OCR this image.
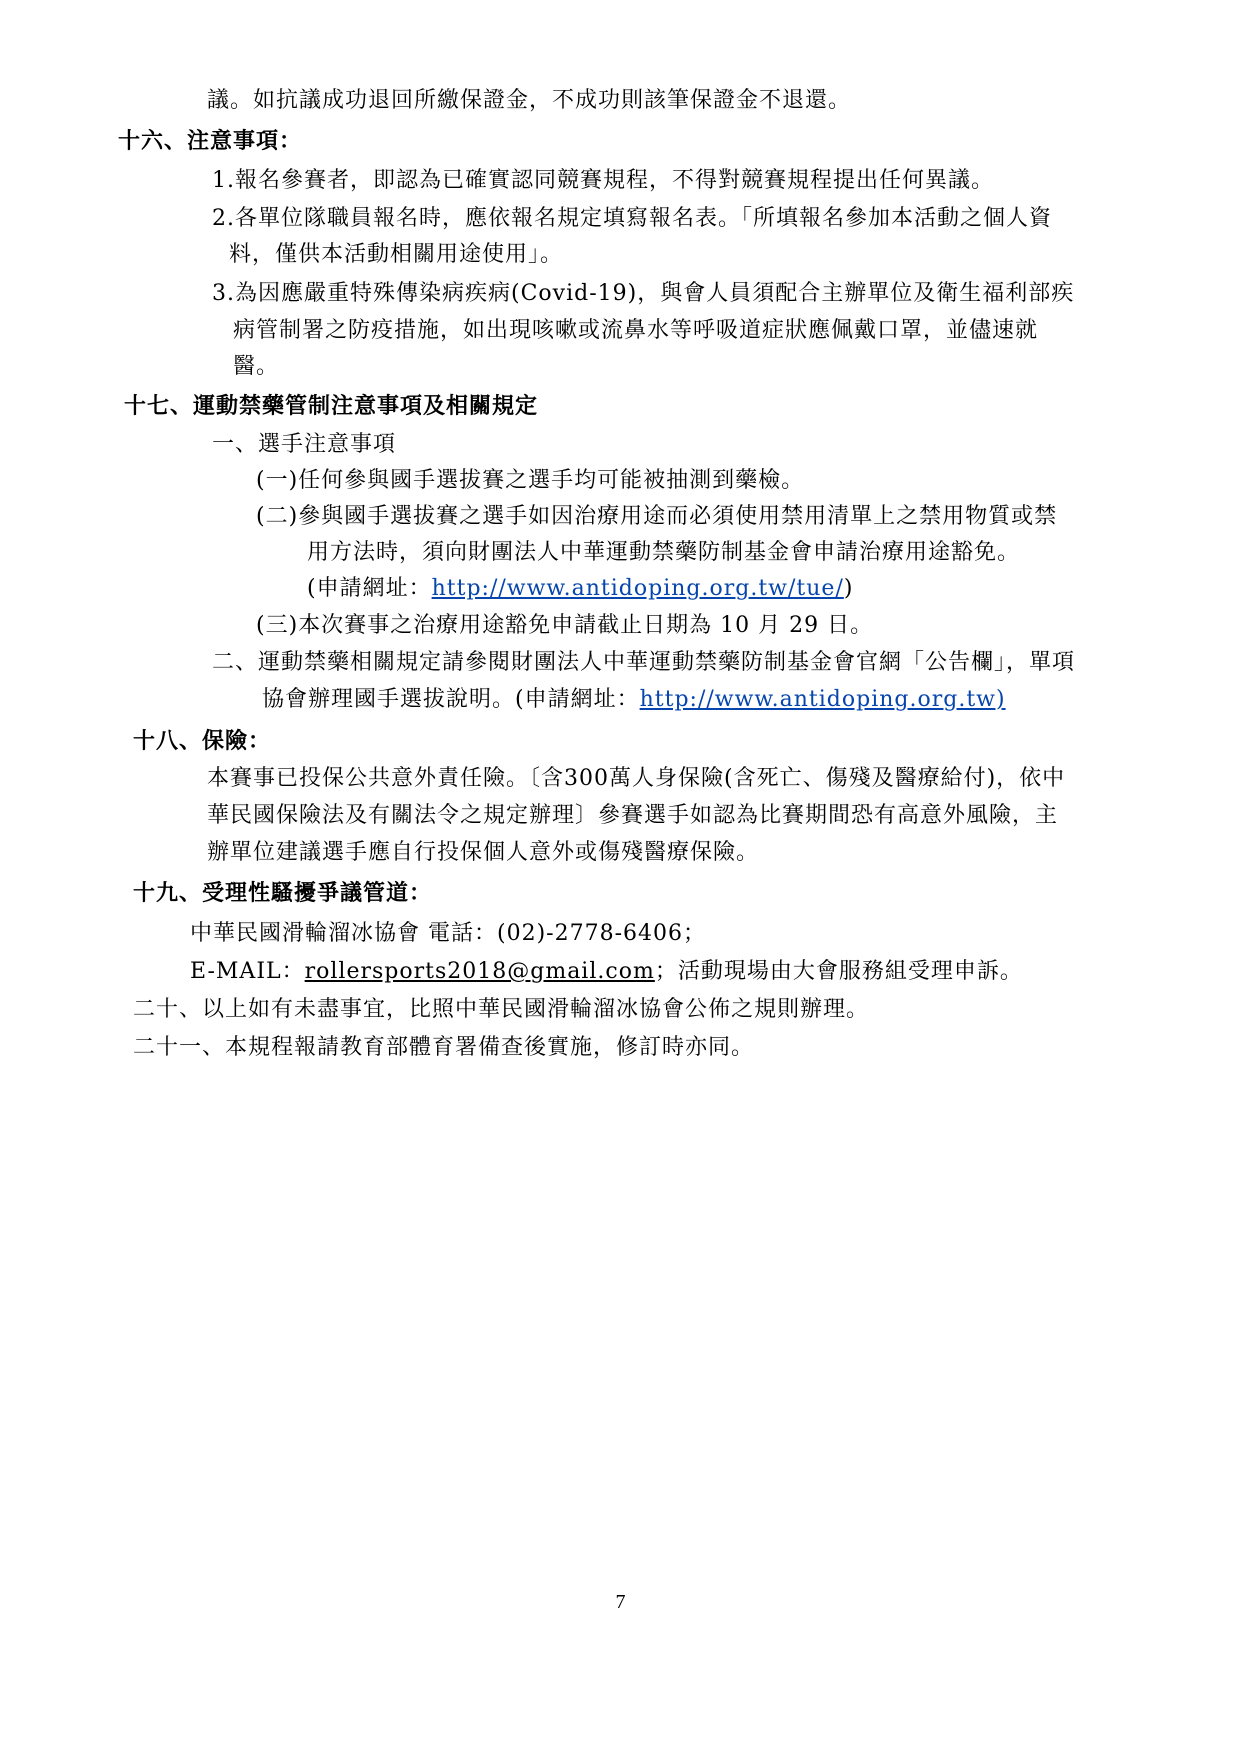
議。如抗議成功退回所繳保證金，不成功則該筆保證金不退還。
十六、注意事項：
1.報名參賽者，即認為已確實認同競賽規程，不得對競賽規程提出任何異議。
2.各單位隊職員報名時，應依報名規定填寫報名表。「所填報名參加本活動之個人資
料，僅供本活動相關用途使用」。
3.為因應嚴重特殊傳染病疾病(Covid-19)，與會人員須配合主辦單位及衛生福利部疾
病管制署之防疫措施，如出現咳嗽或流鼻水等呼吸道症狀應佩戴口罩，並儘速就
醫。
十七、運動禁藥管制注意事項及相關規定
一、選手注意事項
(一)任何參與國手選拔賽之選手均可能被抽測到藥檢。
(二)參與國手選拔賽之選手如因治療用途而必須使用禁用清單上之禁用物質或禁
用方法時，須向財團法人中華運動禁藥防制基金會申請治療用途豁免。
(申請網址：http://www.antidoping.org.tw/tue/)
(三)本次賽事之治療用途豁免申請截止日期為 10 月 29 日。
二、運動禁藥相關規定請參閱財團法人中華運動禁藥防制基金會官網「公告欄」，單項
協會辦理國手選拔說明。(申請網址：http://www.antidoping.org.tw)
十八、保險：
本賽事已投保公共意外責任險。〔含300萬人身保險(含死亡、傷殘及醫療給付)，依中
華民國保險法及有關法令之規定辦理〕參賽選手如認為比賽期間恐有高意外風險，主
辦單位建議選手應自行投保個人意外或傷殘醫療保險。
十九、受理性騷擾爭議管道：
中華民國滑輪溜冰協會 電話：(02)-2778-6406；
E-MAIL：rollersports2018@gmail.com；活動現場由大會服務組受理申訴。
二十、以上如有未盡事宜，比照中華民國滑輪溜冰協會公佈之規則辦理。
二十一、本規程報請教育部體育署備查後實施，修訂時亦同。
7
